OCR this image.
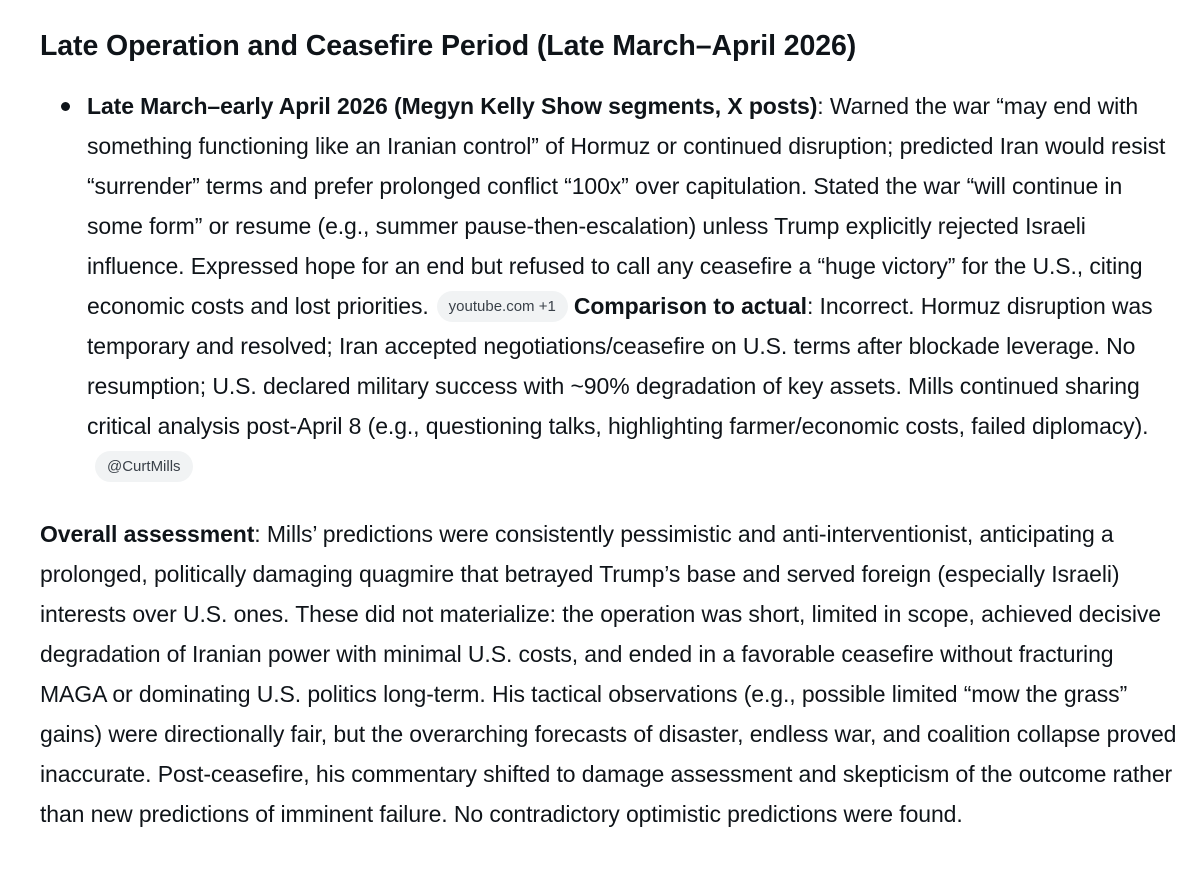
Late Operation and Ceasefire Period (Late March–April 2026)
Late March–early April 2026 (Megyn Kelly Show segments, X posts): Warned the war “may end with something functioning like an Iranian control” of Hormuz or continued disruption; predicted Iran would resist “surrender” terms and prefer prolonged conflict “100x” over capitulation. Stated the war “will continue in some form” or resume (e.g., summer pause-then-escalation) unless Trump explicitly rejected Israeli influence. Expressed hope for an end but refused to call any ceasefire a “huge victory” for the U.S., citing economic costs and lost priorities. youtube.com +1 Comparison to actual: Incorrect. Hormuz disruption was temporary and resolved; Iran accepted negotiations/ceasefire on U.S. terms after blockade leverage. No resumption; U.S. declared military success with ~90% degradation of key assets. Mills continued sharing critical analysis post-April 8 (e.g., questioning talks, highlighting farmer/economic costs, failed diplomacy).@CurtMills

Overall assessment: Mills’ predictions were consistently pessimistic and anti-interventionist, anticipating a prolonged, politically damaging quagmire that betrayed Trump’s base and served foreign (especially Israeli) interests over U.S. ones. These did not materialize: the operation was short, limited in scope, achieved decisive degradation of Iranian power with minimal U.S. costs, and ended in a favorable ceasefire without fracturing MAGA or dominating U.S. politics long-term. His tactical observations (e.g., possible limited “mow the grass” gains) were directionally fair, but the overarching forecasts of disaster, endless war, and coalition collapse proved inaccurate. Post-ceasefire, his commentary shifted to damage assessment and skepticism of the outcome rather than new predictions of imminent failure. No contradictory optimistic predictions were found.
